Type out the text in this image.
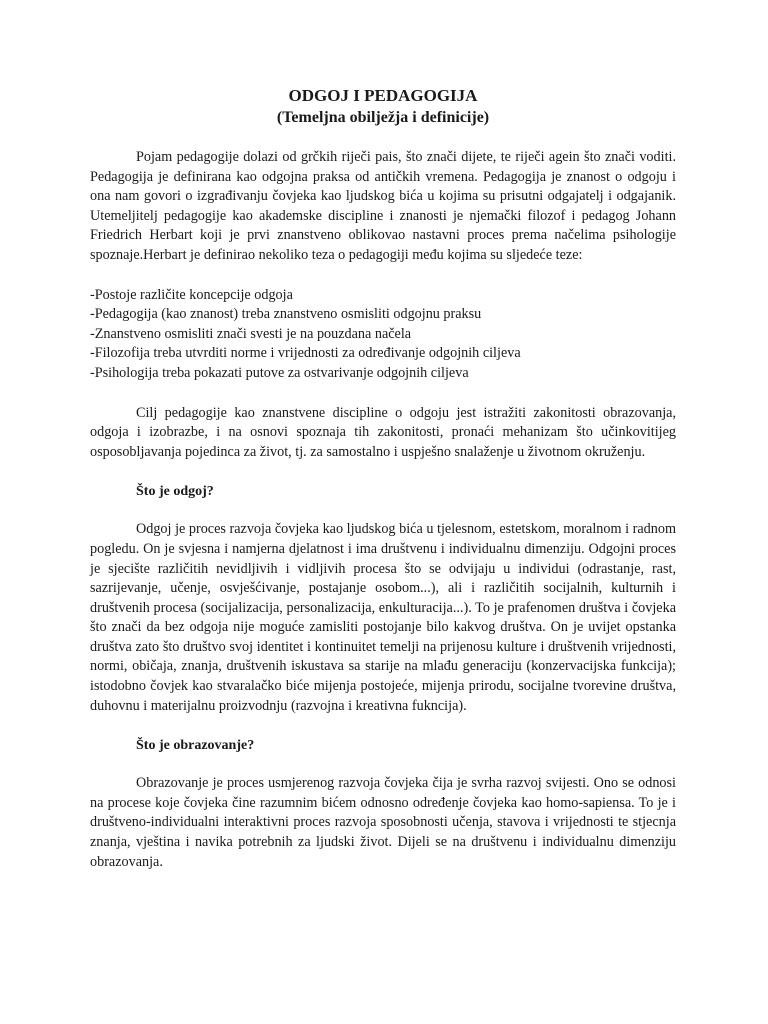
ODGOJ I PEDAGOGIJA
(Temeljna obilježja i definicije)

Pojam pedagogije dolazi od grčkih riječi pais, što znači dijete, te riječi agein što znači voditi. Pedagogija je definirana kao odgojna praksa od antičkih vremena. Pedagogija je znanost o odgoju i ona nam govori o izgrađivanju čovjeka kao ljudskog bića u kojima su prisutni odgajatelj i odgajanik. Utemeljitelj pedagogije kao akademske discipline i znanosti je njemački filozof i pedagog Johann Friedrich Herbart koji je prvi znanstveno oblikovao nastavni proces prema načelima psihologije spoznaje.Herbart je definirao nekoliko teza o pedagogiji među kojima su sljedeće teze:

-Postoje različite koncepcije odgoja
-Pedagogija (kao znanost) treba znanstveno osmisliti odgojnu praksu
-Znanstveno osmisliti znači svesti je na pouzdana načela
-Filozofija treba utvrditi norme i vrijednosti za određivanje odgojnih ciljeva
-Psihologija treba pokazati putove za ostvarivanje odgojnih ciljeva

Cilj pedagogije kao znanstvene discipline o odgoju jest istražiti zakonitosti obrazovanja, odgoja i izobrazbe, i na osnovi spoznaja tih zakonitosti, pronaći mehanizam što učinkovitijeg osposobljavanja pojedinca za život, tj. za samostalno i uspješno snalaženje u životnom okruženju.

Što je odgoj?

Odgoj je proces razvoja čovjeka kao ljudskog bića u tjelesnom, estetskom, moralnom i radnom pogledu. On je svjesna i namjerna djelatnost i ima društvenu i individualnu dimenziju. Odgojni proces je sjecište različitih nevidljivih i vidljivih procesa što se odvijaju u individui (odrastanje, rast, sazrijevanje, učenje, osvješćivanje, postajanje osobom...), ali i različitih socijalnih, kulturnih i društvenih procesa (socijalizacija, personalizacija, enkulturacija...). To je prafenomen društva i čovjeka što znači da bez odgoja nije moguće zamisliti postojanje bilo kakvog društva. On je uvijet opstanka društva zato što društvo svoj identitet i kontinuitet temelji na prijenosu kulture i društvenih vrijednosti, normi, običaja, znanja, društvenih iskustava sa starije na mlađu generaciju (konzervacijska funkcija); istodobno čovjek kao stvaralačko biće mijenja postojeće, mijenja prirodu, socijalne tvorevine društva, duhovnu i materijalnu proizvodnju (razvojna i kreativna fukncija).

Što je obrazovanje?

Obrazovanje je proces usmjerenog razvoja čovjeka čija je svrha razvoj svijesti. Ono se odnosi na procese koje čovjeka čine razumnim bićem odnosno određenje čovjeka kao homo-sapiensa. To je i društveno-individualni interaktivni proces razvoja sposobnosti učenja, stavova i vrijednosti te stjecnja znanja, vještina i navika potrebnih za ljudski život. Dijeli se na društvenu i individualnu dimenziju obrazovanja.
